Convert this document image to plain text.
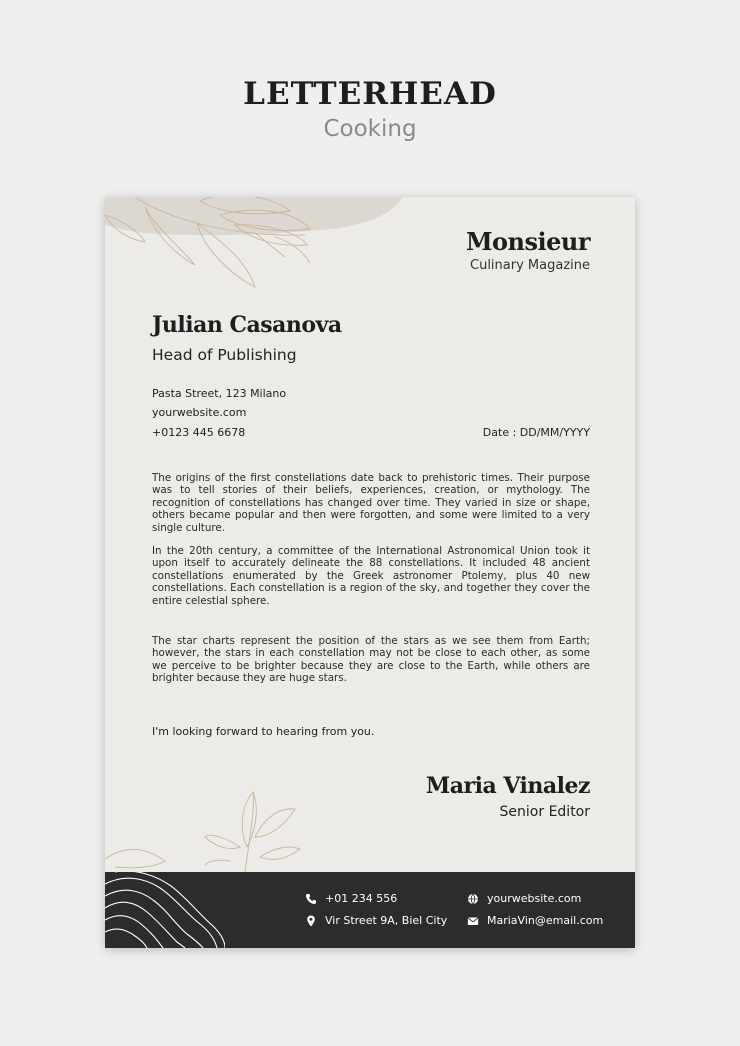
LETTERHEAD
Cooking
Monsieur
Culinary Magazine
Julian Casanova
Head of Publishing
Pasta Street, 123 Milano
yourwebsite.com
+0123 445 6678	Date : DD/MM/YYYY

The origins of the first constellations date back to prehistoric times. Their purpose was to tell stories of their beliefs, experiences, creation, or mythology. The recognition of constellations has changed over time. They varied in size or shape, others became popular and then were forgotten, and some were limited to a very single culture.

In the 20th century, a committee of the International Astronomical Union took it upon itself to accurately delineate the 88 constellations. It included 48 ancient constellations enumerated by the Greek astronomer Ptolemy, plus 40 new constellations. Each constellation is a region of the sky, and together they cover the entire celestial sphere.

The star charts represent the position of the stars as we see them from Earth; however, the stars in each constellation may not be close to each other, as some we perceive to be brighter because they are close to the Earth, while others are brighter because they are huge stars.

I'm looking forward to hearing from you.
Maria Vinalez
Senior Editor
+01 234 556
Vir Street 9A, Biel City
yourwebsite.com
MariaVin@email.com
